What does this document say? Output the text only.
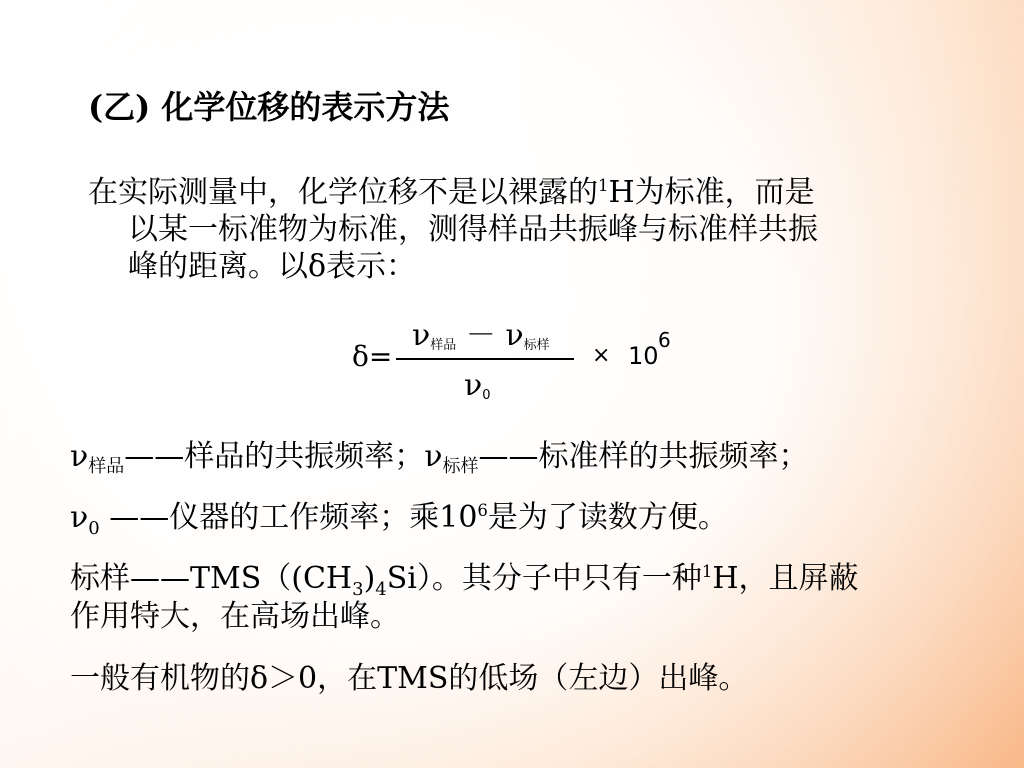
(乙) 化学位移的表示方法
在实际测量中，化学位移不是以裸露的$^1$H为标准，而是
以某一标准物为标准，测得样品共振峰与标准样共振
峰的距离。以δ表示：
δ=
$\nu_{样品} - \nu_{标样}$
$\nu_0$
× 10
6
$\nu_{样品}——$样品的共振频率；$\nu_{标样}——$标准样的共振频率；
$\nu_0$ ——仪器的工作频率；乘$10^6$是为了读数方便。
标样$——TMS((CH_3)_4Si)$。其分子中只有一种$^1$H，且屏蔽
作用特大，在高场出峰。
一般有机物的δ＞0，在TMS的低场（左边）出峰。
